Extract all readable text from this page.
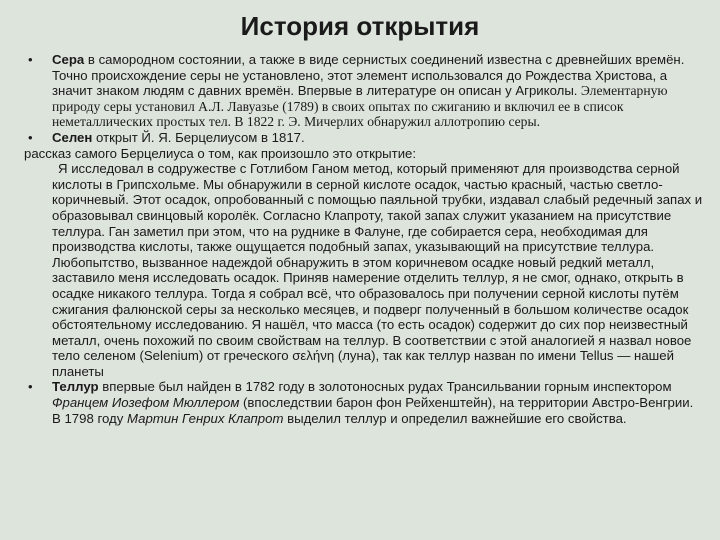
История открытия
• Сера в самородном состоянии, а также в виде сернистых соединений известна с древнейших времён. Точно происхождение серы не установлено, этот элемент использовался до Рождества Христова, а значит знаком людям с давних времён. Впервые в литературе он описан у Агриколы. Элементарную природу серы установил А.Л. Лавуазье (1789) в своих опытах по сжиганию и включил ее в список неметаллических простых тел. В 1822 г. Э. Мичерлих обнаружил аллотропию серы.
• Селен открыт Й. Я. Берцелиусом в 1817.
рассказ самого Берцелиуса о том, как произошло это открытие:
Я исследовал в содружестве с Готлибом Ганом метод, который применяют для производства серной кислоты в Грипсхольме. Мы обнаружили в серной кислоте осадок, частью красный, частью светло-коричневый. Этот осадок, опробованный с помощью паяльной трубки, издавал слабый редечный запах и образовывал свинцовый королёк. Согласно Клапроту, такой запах служит указанием на присутствие теллура. Ган заметил при этом, что на руднике в Фалуне, где собирается сера, необходимая для производства кислоты, также ощущается подобный запах, указывающий на присутствие теллура. Любопытство, вызванное надеждой обнаружить в этом коричневом осадке новый редкий металл, заставило меня исследовать осадок. Приняв намерение отделить теллур, я не смог, однако, открыть в осадке никакого теллура. Тогда я собрал всё, что образовалось при получении серной кислоты путём сжигания фалюнской серы за несколько месяцев, и подверг полученный в большом количестве осадок обстоятельному исследованию. Я нашёл, что масса (то есть осадок) содержит до сих пор неизвестный металл, очень похожий по своим свойствам на теллур. В соответствии с этой аналогией я назвал новое тело селеном (Selenium) от греческого σελήνη (луна), так как теллур назван по имени Tellus — нашей планеты
• Теллур впервые был найден в 1782 году в золотоносных рудах Трансильвании горным инспектором Францем Иозефом Мюллером (впоследствии барон фон Рейхенштейн), на территории Австро-Венгрии. В 1798 году Мартин Генрих Клапрот выделил теллур и определил важнейшие его свойства.
